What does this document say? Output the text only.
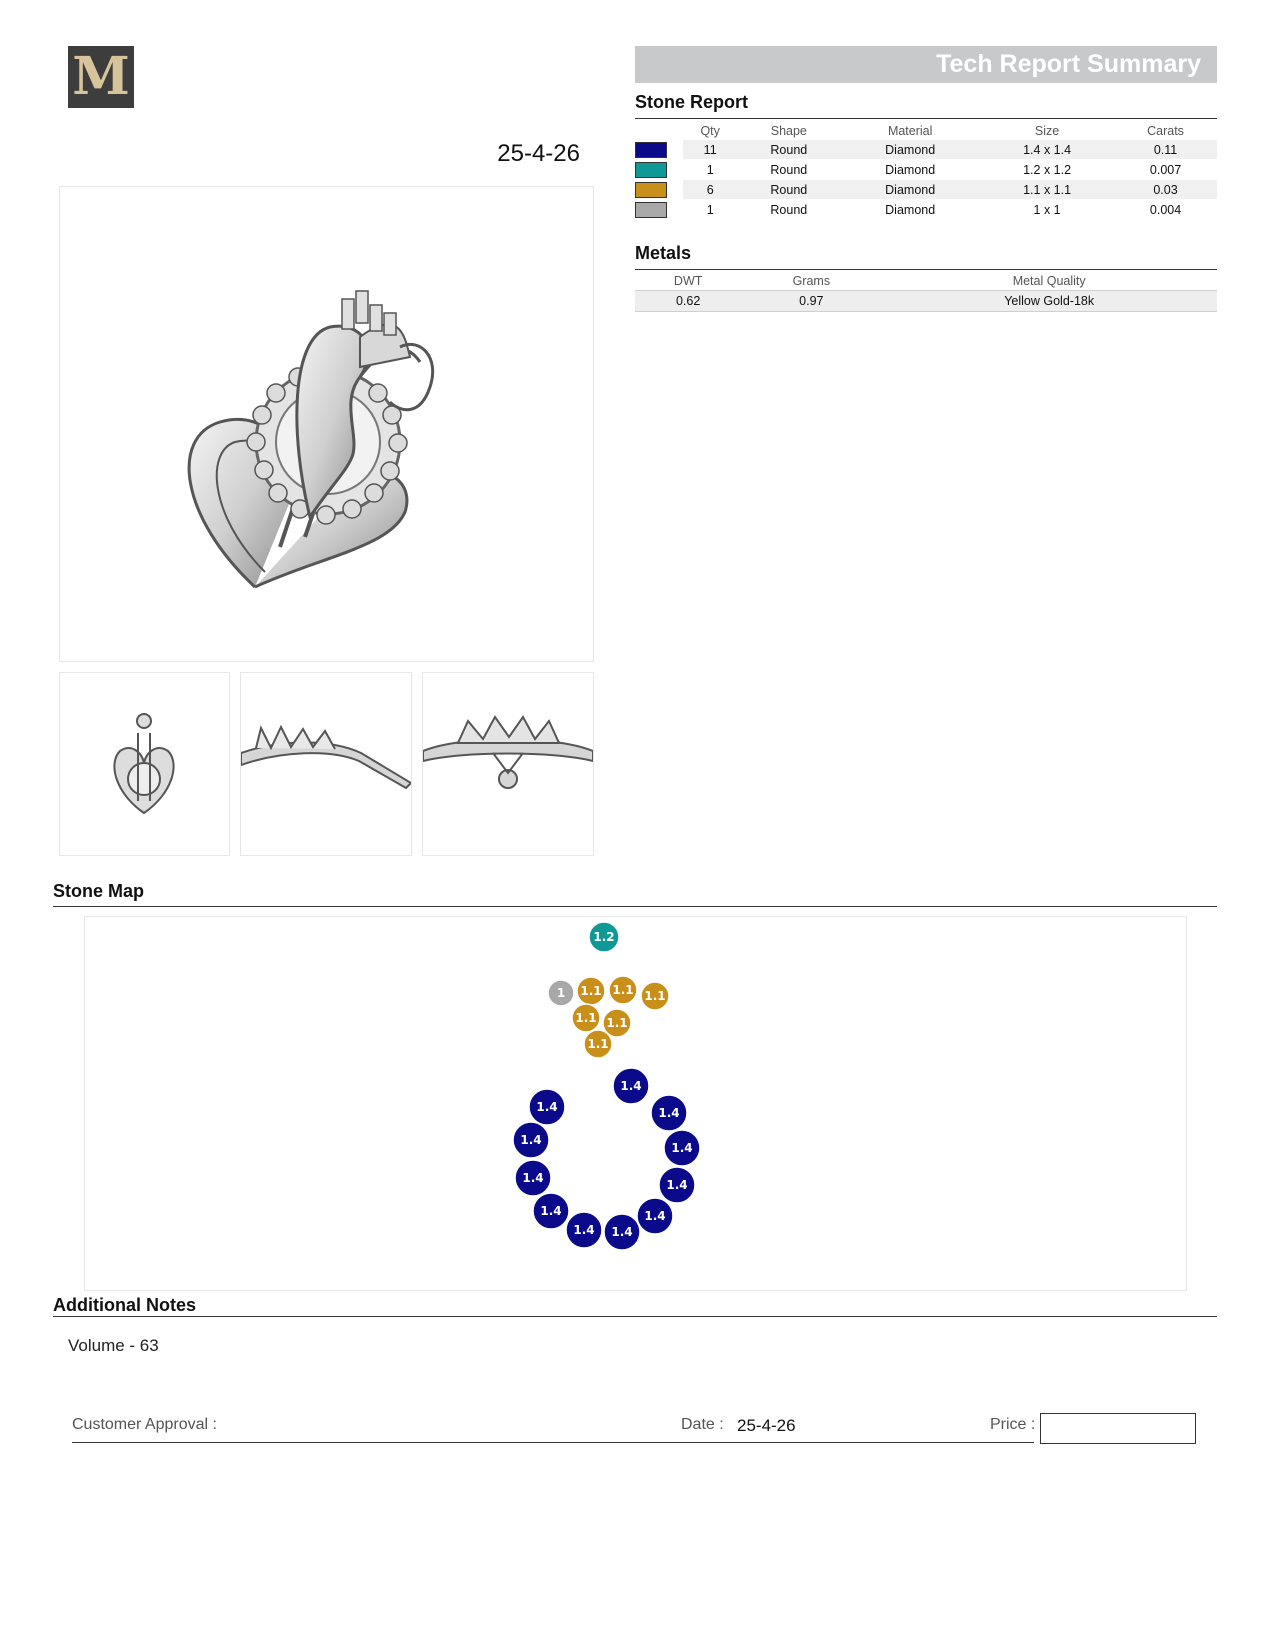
M
25-4-26
Tech Report Summary
Stone Report
	Qty	Shape	Material	Size	Carats
	11	Round	Diamond	1.4 x 1.4	0.11
	1	Round	Diamond	1.2 x 1.2	0.007
	6	Round	Diamond	1.1 x 1.1	0.03
	1	Round	Diamond	1 x 1	0.004
Metals
DWT	Grams	Metal Quality
0.62	0.97	Yellow Gold-18k
Stone Map
1.2
1 1.1 1.1 1.1
1.1 1.1
1.1
1.4
1.4	1.4
1.4
1.4
1.4	1.4
1.4	1.4
1.4 1.4
Additional Notes
Volume - 63
Customer Approval :	Date : 25-4-26	Price :
